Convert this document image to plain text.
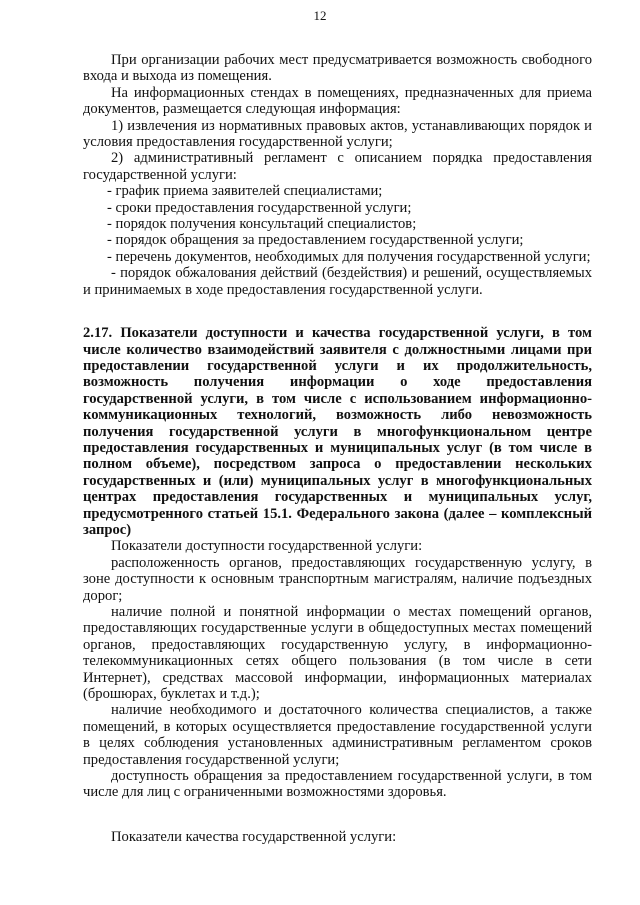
12

При организации рабочих мест предусматривается возможность свободного входа и выхода из помещения.

На информационных стендах в помещениях, предназначенных для приема документов, размещается следующая информация:

1) извлечения из нормативных правовых актов, устанавливающих порядок и условия предоставления государственной услуги;

2) административный регламент с описанием порядка предоставления государственной услуги:

- график приема заявителей специалистами;

- сроки предоставления государственной услуги;

- порядок получения консультаций специалистов;

- порядок обращения за предоставлением государственной услуги;

- перечень документов, необходимых для получения государственной услуги;

- порядок обжалования действий (бездействия) и решений, осуществляемых и принимаемых в ходе предоставления государственной услуги.

2.17. Показатели доступности и качества государственной услуги, в том числе количество взаимодействий заявителя с должностными лицами при предоставлении государственной услуги и их продолжительность, возможность получения информации о ходе предоставления государственной услуги, в том числе с использованием информационно-коммуникационных технологий, возможность либо невозможность получения государственной услуги в многофункциональном центре предоставления государственных и муниципальных услуг (в том числе в полном объеме), посредством запроса о предоставлении нескольких государственных и (или) муниципальных услуг в многофункциональных центрах предоставления государственных и муниципальных услуг, предусмотренного статьей 15.1. Федерального закона (далее – комплексный запрос)

Показатели доступности государственной услуги:

расположенность органов, предоставляющих государственную услугу, в зоне доступности к основным транспортным магистралям, наличие подъездных дорог;

наличие полной и понятной информации о местах помещений органов, предоставляющих государственные услуги в общедоступных местах помещений органов, предоставляющих государственную услугу, в информационно-телекоммуникационных сетях общего пользования (в том числе в сети Интернет), средствах массовой информации, информационных материалах (брошюрах, буклетах и т.д.);

наличие необходимого и достаточного количества специалистов, а также помещений, в которых осуществляется предоставление государственной услуги в целях соблюдения установленных административным регламентом сроков предоставления государственной услуги;

доступность обращения за предоставлением государственной услуги, в том числе для лиц с ограниченными возможностями здоровья.

Показатели качества государственной услуги:
